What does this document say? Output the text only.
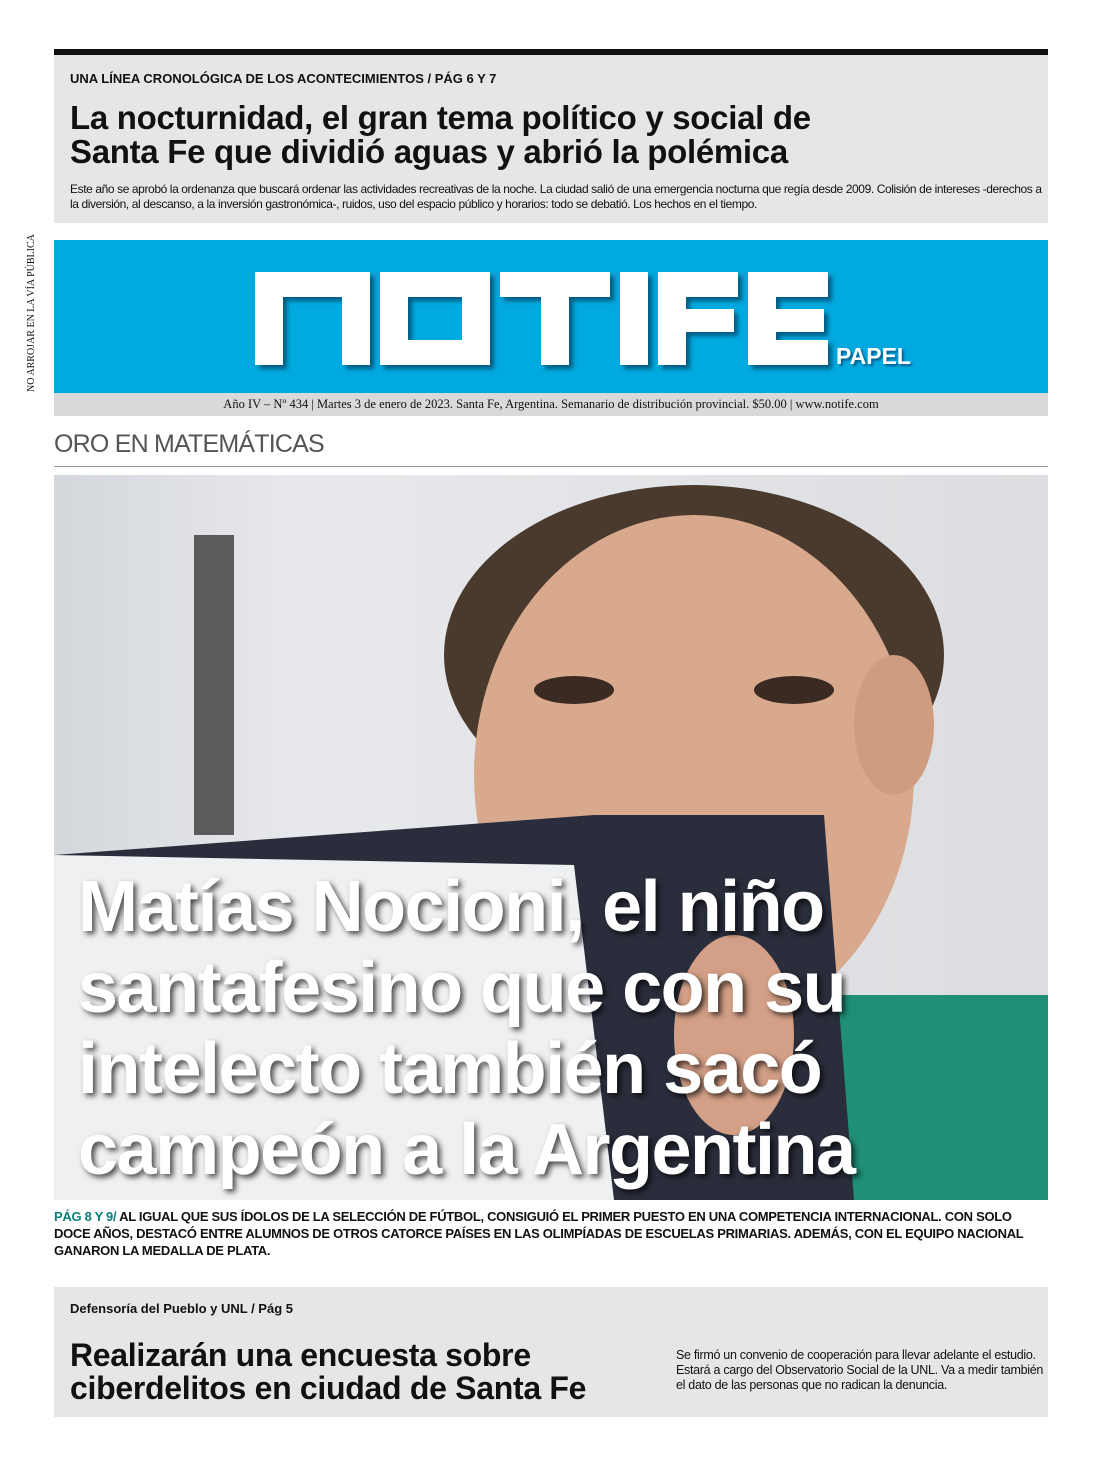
UNA LÍNEA CRONOLÓGICA DE LOS ACONTECIMIENTOS / PÁG 6 Y 7
La nocturnidad, el gran tema político y social de
Santa Fe que dividió aguas y abrió la polémica
Este año se aprobó la ordenanza que buscará ordenar las actividades recreativas de la noche. La ciudad salió de una emergencia nocturna que regía desde 2009. Colisión de intereses -derechos a la diversión, al descanso, a la inversión gastronómica-, ruidos, uso del espacio público y horarios: todo se debatió. Los hechos en el tiempo.
NO ARROJAR EN LA VÍA PÚBLICA	PAPEL
Año IV – Nº 434 | Martes 3 de enero de 2023. Santa Fe, Argentina. Semanario de distribución provincial. $50.00 | www.notife.com
ORO EN MATEMÁTICAS
Matías Nocioni, el niño
santafesino que con su
intelecto también sacó
campeón a la Argentina
PÁG 8 Y 9/ AL IGUAL QUE SUS ÍDOLOS DE LA SELECCIÓN DE FÚTBOL, CONSIGUIÓ EL PRIMER PUESTO EN UNA COMPETENCIA INTERNACIONAL. CON SOLO DOCE AÑOS, DESTACÓ ENTRE ALUMNOS DE OTROS CATORCE PAÍSES EN LAS OLIMPÍADAS DE ESCUELAS PRIMARIAS. ADEMÁS, CON EL EQUIPO NACIONAL GANARON LA MEDALLA DE PLATA.
Defensoría del Pueblo y UNL / Pág 5
Realizarán una encuesta sobre
ciberdelitos en ciudad de Santa Fe
Se firmó un convenio de cooperación para llevar adelante el estudio. Estará a cargo del Observatorio Social de la UNL. Va a medir también el dato de las personas que no radican la denuncia.
